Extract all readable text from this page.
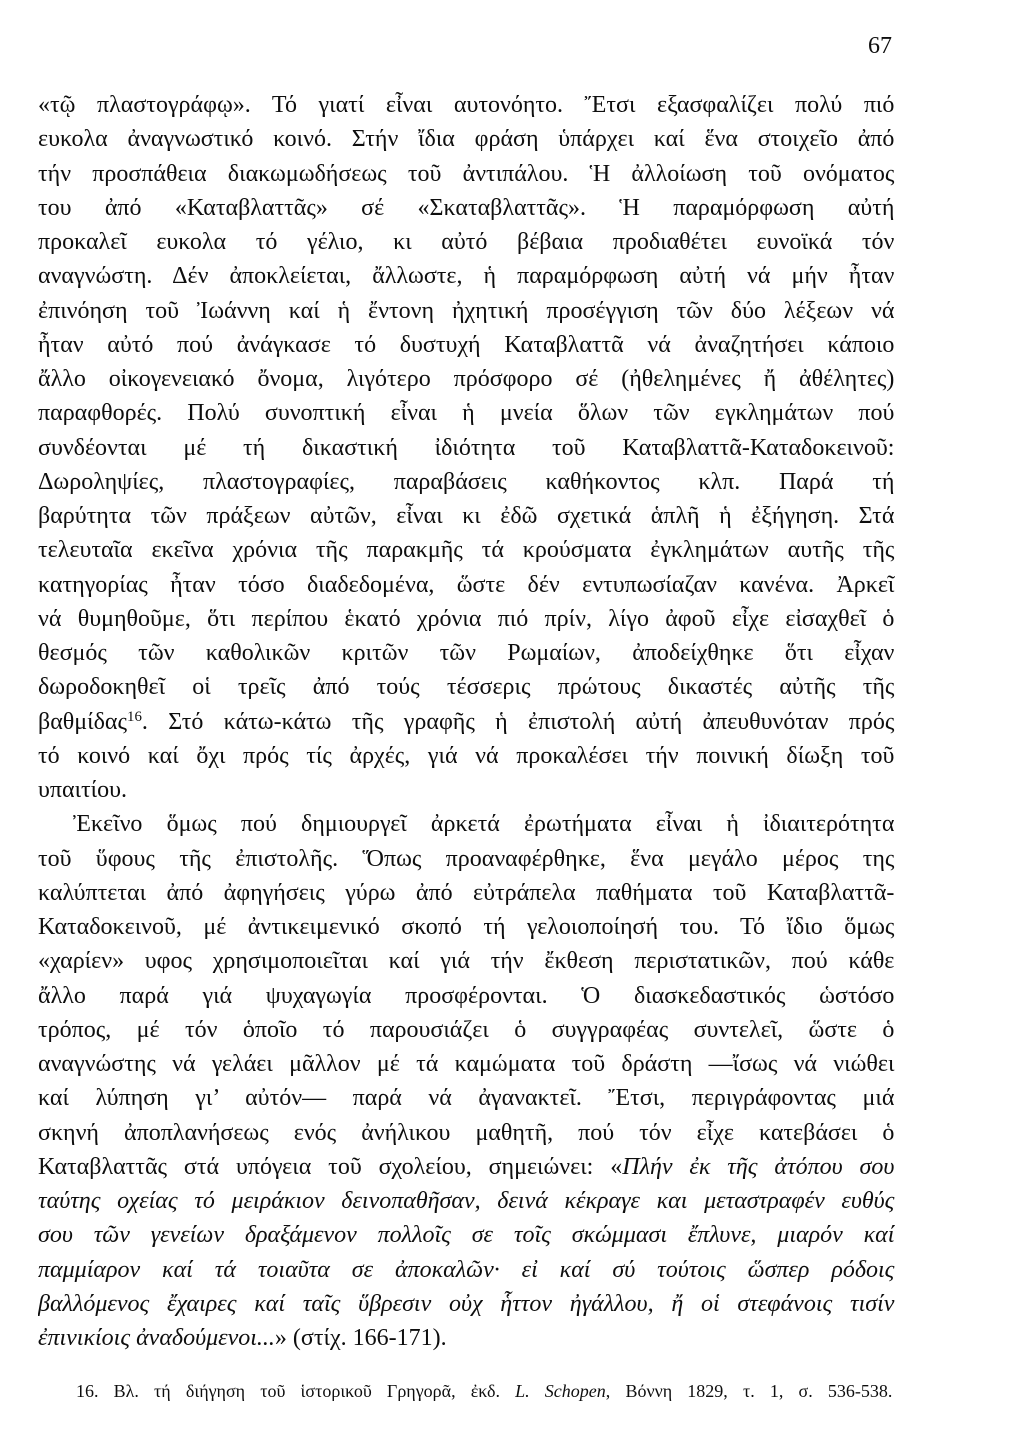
67
«τῷ πλαστογράφῳ». Τό γιατί εἶναι αυτονόητο. Ἔτσι εξασφαλίζει πολύ πιό
ευκολα ἀναγνωστικό κοινό. Στήν ἴδια φράση ὑπάρχει καί ἕνα στοιχεῖο ἀπό
τήν προσπάθεια διακωμωδήσεως τοῦ ἀντιπάλου. Ἡ ἀλλοίωση τοῦ ονόματος
του ἀπό «Καταβλαττᾶς» σέ «Σκαταβλαττᾶς». Ἡ παραμόρφωση αὐτή
προκαλεῖ ευκολα τό γέλιο, κι αὐτό βέβαια προδιαθέτει ευνοϊκά τόν
αναγνώστη. Δέν ἀποκλείεται, ἄλλωστε, ἡ παραμόρφωση αὐτή νά μήν ἦταν
ἐπινόηση τοῦ Ἰωάννη καί ἡ ἔντονη ἠχητική προσέγγιση τῶν δύο λέξεων νά
ἦταν αὐτό πού ἀνάγκασε τό δυστυχή Καταβλαττᾶ νά ἀναζητήσει κάποιο
ἄλλο οἰκογενειακό ὄνομα, λιγότερο πρόσφορο σέ (ἠθελημένες ἤ ἀθέλητες)
παραφθορές. Πολύ συνοπτική εἶναι ἡ μνεία ὅλων τῶν εγκλημάτων πού
συνδέονται μέ τή δικαστική ἰδιότητα τοῦ Καταβλαττᾶ-Καταδοκεινοῦ:
Δωροληψίες, πλαστογραφίες, παραβάσεις καθήκοντος κλπ. Παρά τή
βαρύτητα τῶν πράξεων αὐτῶν, εἶναι κι ἐδῶ σχετικά ἁπλῆ ἡ ἐξήγηση. Στά
τελευταῖα εκεῖνα χρόνια τῆς παρακμῆς τά κρούσματα ἐγκλημάτων αυτῆς τῆς
κατηγορίας ἦταν τόσο διαδεδομένα, ὥστε δέν εντυπωσίαζαν κανένα. Ἀρκεῖ
νά θυμηθοῦμε, ὅτι περίπου ἑκατό χρόνια πιό πρίν, λίγο ἀφοῦ εἶχε εἰσαχθεῖ ὁ
θεσμός τῶν καθολικῶν κριτῶν τῶν Ρωμαίων, ἀποδείχθηκε ὅτι εἶχαν
δωροδοκηθεῖ οἱ τρεῖς ἀπό τούς τέσσερις πρώτους δικαστές αὐτῆς τῆς
βαθμίδας$^{16}$. Στό κάτω-κάτω τῆς γραφῆς ἡ ἐπιστολή αὐτή ἀπευθυνόταν πρός
τό κοινό καί ὄχι πρός τίς ἀρχές, γιά νά προκαλέσει τήν ποινική δίωξη τοῦ
υπαιτίου.
Ἐκεῖνο ὅμως πού δημιουργεῖ ἀρκετά ἐρωτήματα εἶναι ἡ ἰδιαιτερότητα
τοῦ ὕφους τῆς ἐπιστολῆς. Ὅπως προαναφέρθηκε, ἕνα μεγάλο μέρος της
καλύπτεται ἀπό ἀφηγήσεις γύρω ἀπό εὐτράπελα παθήματα τοῦ Καταβλαττᾶ-
Καταδοκεινοῦ, μέ ἀντικειμενικό σκοπό τή γελοιοποίησή του. Τό ἴδιο ὅμως
«χαρίεν» υφος χρησιμοποιεῖται καί γιά τήν ἔκθεση περιστατικῶν, πού κάθε
ἄλλο παρά γιά ψυχαγωγία προσφέρονται. Ὁ διασκεδαστικός ὡστόσο
τρόπος, μέ τόν ὁποῖο τό παρουσιάζει ὁ συγγραφέας συντελεῖ, ὥστε ὁ
αναγνώστης νά γελάει μᾶλλον μέ τά καμώματα τοῦ δράστη —ἴσως νά νιώθει
καί λύπηση γι’ αὐτόν— παρά νά ἀγανακτεῖ. Ἔτσι, περιγράφοντας μιά
σκηνή ἀποπλανήσεως ενός ἀνήλικου μαθητῆ, πού τόν εἶχε κατεβάσει ὁ
Καταβλαττᾶς στά υπόγεια τοῦ σχολείου, σημειώνει: «Πλήν ἐκ τῆς ἀτόπου σου
ταύτης οχείας τό μειράκιον δεινοπαθῆσαν, δεινά κέκραγε και μεταστραφέν ευθύς
σου τῶν γενείων δραξάμενον πολλοῖς σε τοῖς σκώμμασι ἔπλυνε, μιαρόν καί
παμμίαρον καί τά τοιαῦτα σε ἀποκαλῶν· εἰ καί σύ τούτοις ὥσπερ ρόδοις
βαλλόμενος ἔχαιρες καί ταῖς ὕβρεσιν οὐχ ἧττον ἠγάλλου, ἤ οἱ στεφάνοις τισίν
ἐπινικίοις ἀναδούμενοι...» (στίχ. 166-171).
16. Βλ. τή διήγηση τοῦ ἱστορικοῦ Γρηγορᾶ, ἐκδ. L. Schopen, Βόννη 1829, τ. 1, σ. 536-538.
